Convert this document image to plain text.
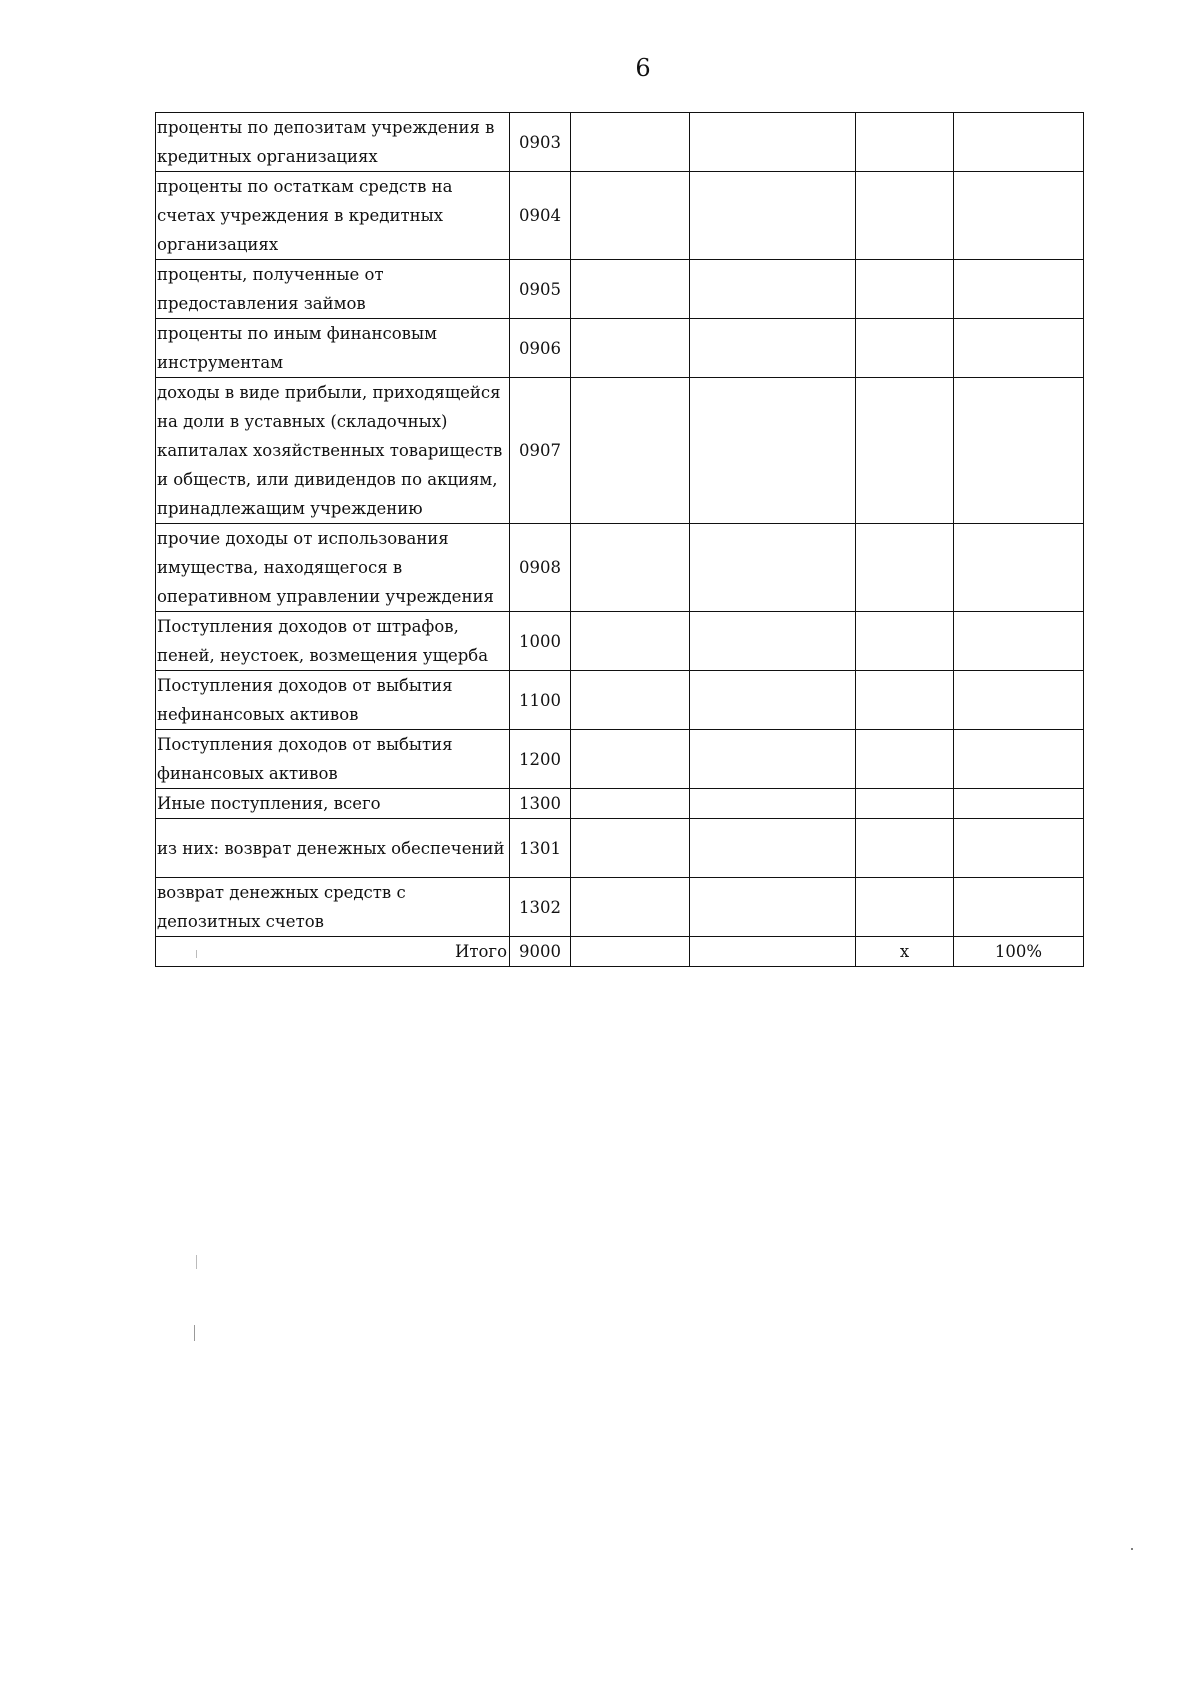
6
проценты по депозитам учреждения в кредитных организациях	0903				
проценты по остаткам средств на счетах учреждения в кредитных организациях	0904				
проценты, полученные от предоставления займов	0905				
проценты по иным финансовым инструментам	0906				
доходы в виде прибыли, приходящейся на доли в уставных (складочных) капиталах хозяйственных товариществ и обществ, или дивидендов по акциям, принадлежащим учреждению	0907				
прочие доходы от использования имущества, находящегося в оперативном управлении учреждения	0908				
Поступления доходов от штрафов, пеней, неустоек, возмещения ущерба	1000				
Поступления доходов от выбытия нефинансовых активов	1100				
Поступления доходов от выбытия финансовых активов	1200				
Иные поступления, всего	1300				
из них: возврат денежных обеспечений	1301				
возврат денежных средств с депозитных счетов	1302				
Итого	9000			х	100%
